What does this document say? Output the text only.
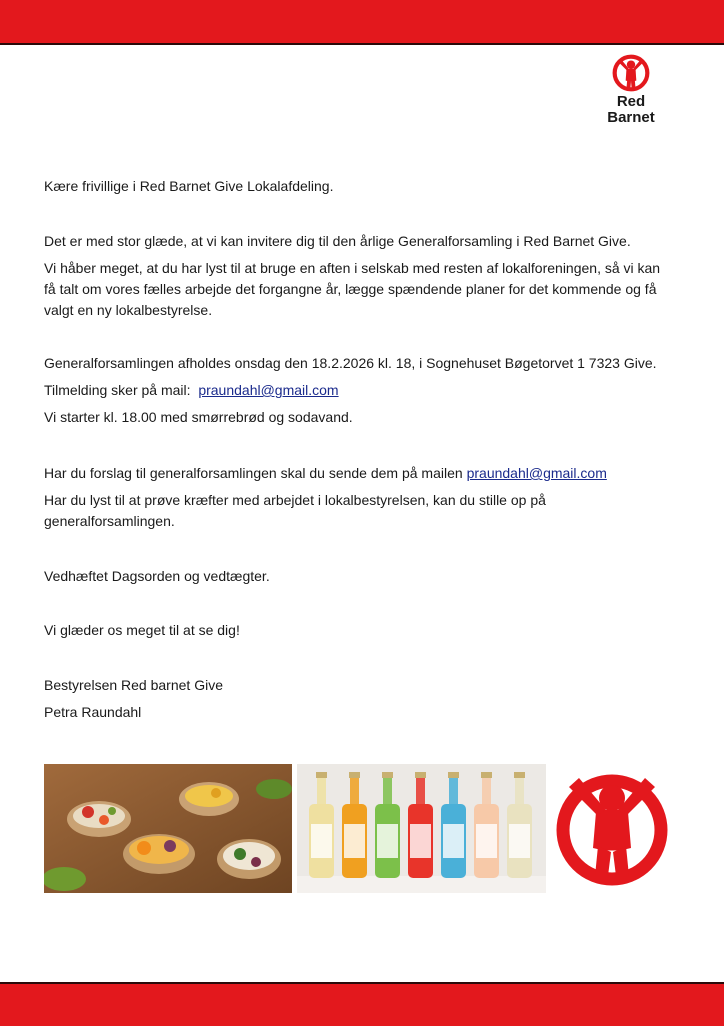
Red
Barnet

Kære frivillige i Red Barnet Give Lokalafdeling.

Det er med stor glæde, at vi kan invitere dig til den årlige Generalforsamling i Red Barnet Give.

Vi håber meget, at du har lyst til at bruge en aften i selskab med resten af lokalforeningen, så vi kan

få talt om vores fælles arbejde det forgangne år, lægge spændende planer for det kommende og få

valgt en ny lokalbestyrelse.

Generalforsamlingen afholdes onsdag den 18.2.2026 kl. 18, i Sognehuset Bøgetorvet 1 7323 Give.

Tilmelding sker på mail: praundahl@gmail.com

Vi starter kl. 18.00 med smørrebrød og sodavand.

Har du forslag til generalforsamlingen skal du sende dem på mailen praundahl@gmail.com

Har du lyst til at prøve kræfter med arbejdet i lokalbestyrelsen, kan du stille op på

generalforsamlingen.

Vedhæftet Dagsorden og vedtægter.

Vi glæder os meget til at se dig!

Bestyrelsen Red barnet Give

Petra Raundahl
